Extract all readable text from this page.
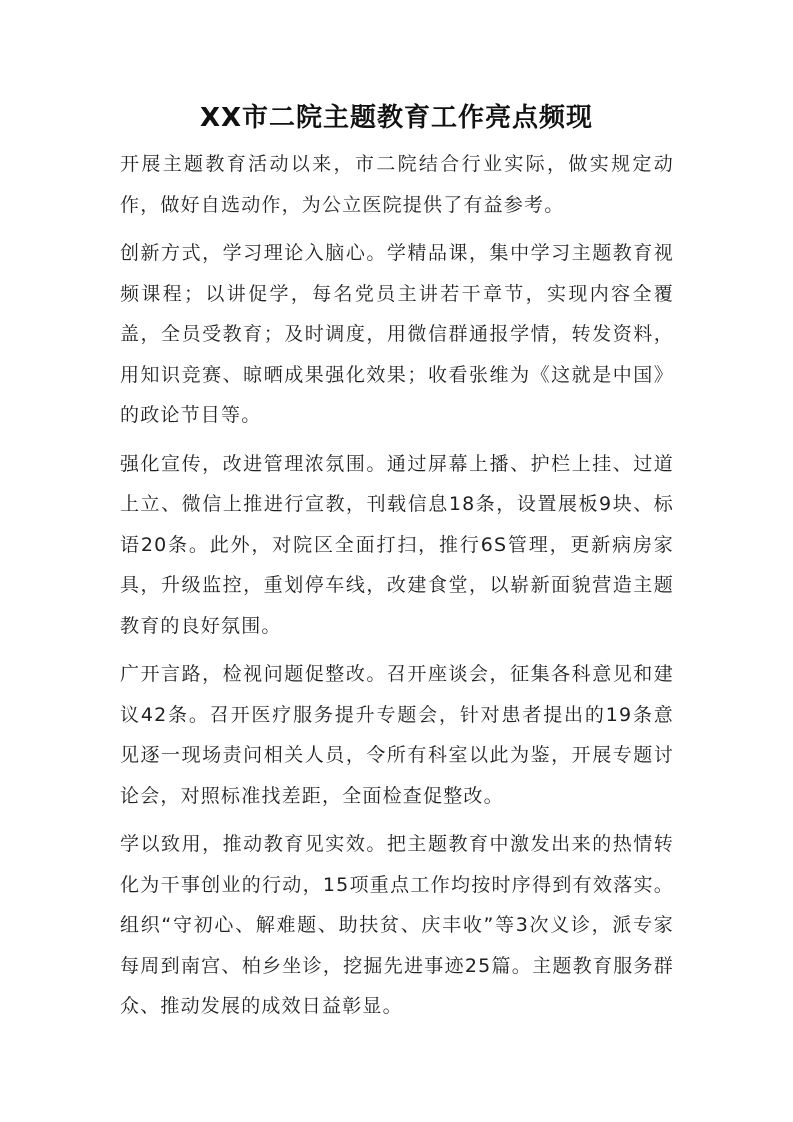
XX市二院主题教育工作亮点频现

开展主题教育活动以来，市二院结合行业实际，做实规定动作，做好自选动作，为公立医院提供了有益参考。

创新方式，学习理论入脑心。学精品课，集中学习主题教育视频课程；以讲促学，每名党员主讲若干章节，实现内容全覆盖，全员受教育；及时调度，用微信群通报学情，转发资料，用知识竞赛、晾晒成果强化效果；收看张维为《这就是中国》的政论节目等。

强化宣传，改进管理浓氛围。通过屏幕上播、护栏上挂、过道上立、微信上推进行宣教，刊载信息18条，设置展板9块、标语20条。此外，对院区全面打扫，推行6S管理，更新病房家具，升级监控，重划停车线，改建食堂，以崭新面貌营造主题教育的良好氛围。

广开言路，检视问题促整改。召开座谈会，征集各科意见和建议42条。召开医疗服务提升专题会，针对患者提出的19条意见逐一现场责问相关人员，令所有科室以此为鉴，开展专题讨论会，对照标准找差距，全面检查促整改。

学以致用，推动教育见实效。把主题教育中激发出来的热情转化为干事创业的行动，15项重点工作均按时序得到有效落实。组织“守初心、解难题、助扶贫、庆丰收”等3次义诊，派专家每周到南宫、柏乡坐诊，挖掘先进事迹25篇。主题教育服务群众、推动发展的成效日益彰显。
